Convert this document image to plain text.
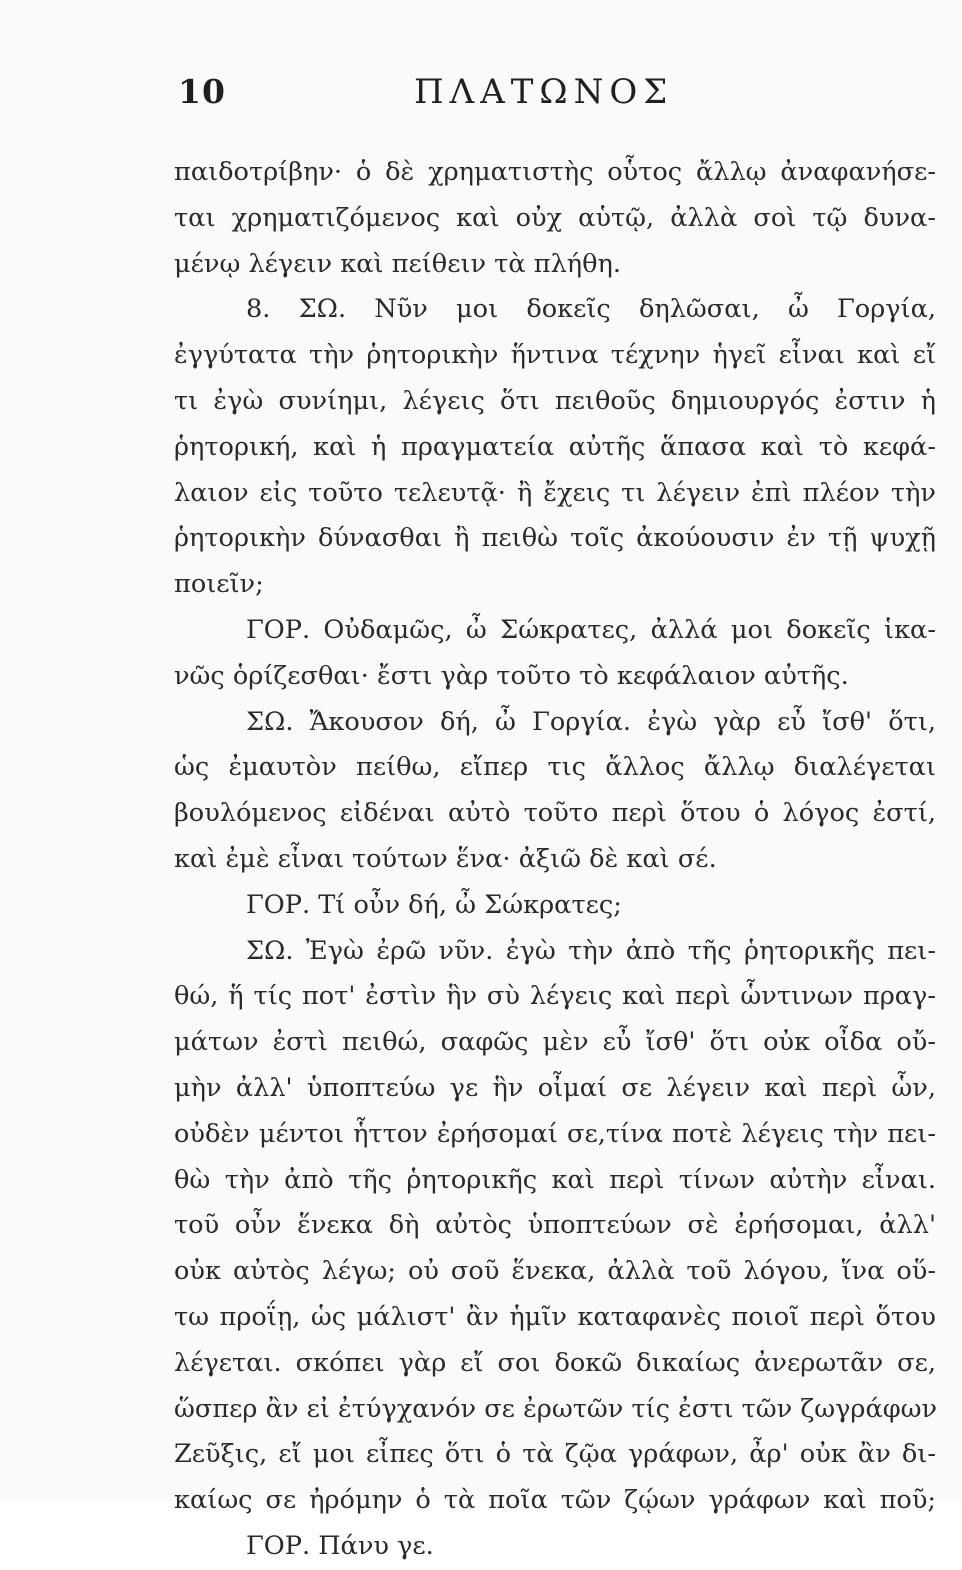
10	ΠΛΑΤΩΝΟΣ
παιδοτρίβην· ὁ δὲ χρηματιστὴς οὗτος ἄλλῳ ἀναφανήσε-
ται χρηματιζόμενος καὶ οὐχ αὑτῷ, ἀλλὰ σοὶ τῷ δυνα-
μένῳ λέγειν καὶ πείθειν τὰ πλήθη.
8. ΣΩ. Νῦν μοι δοκεῖς δηλῶσαι, ὦ Γοργία,
ἐγγύτατα τὴν ῥητορικὴν ἥντινα τέχνην ἡγεῖ εἶναι καὶ εἴ
τι ἐγὼ συνίημι, λέγεις ὅτι πειθοῦς δημιουργός ἐστιν ἡ
ῥητορική, καὶ ἡ πραγματεία αὐτῆς ἅπασα καὶ τὸ κεφά-
λαιον εἰς τοῦτο τελευτᾷ· ἢ ἔχεις τι λέγειν ἐπὶ πλέον τὴν
ῥητορικὴν δύνασθαι ἢ πειθὼ τοῖς ἀκούουσιν ἐν τῇ ψυχῇ
ποιεῖν;
ΓΟΡ. Οὐδαμῶς, ὦ Σώκρατες, ἀλλά μοι δοκεῖς ἱκα-
νῶς ὁρίζεσθαι· ἔστι γὰρ τοῦτο τὸ κεφάλαιον αὐτῆς.
ΣΩ. Ἄκουσον δή, ὦ Γοργία. ἐγὼ γὰρ εὖ ἴσθ' ὅτι,
ὡς ἐμαυτὸν πείθω, εἴπερ τις ἄλλος ἄλλῳ διαλέγεται
βουλόμενος εἰδέναι αὐτὸ τοῦτο περὶ ὅτου ὁ λόγος ἐστί,
καὶ ἐμὲ εἶναι τούτων ἕνα· ἀξιῶ δὲ καὶ σέ.
ΓΟΡ. Τί οὖν δή, ὦ Σώκρατες;
ΣΩ. Ἐγὼ ἐρῶ νῦν. ἐγὼ τὴν ἀπὸ τῆς ῥητορικῆς πει-
θώ, ἥ τίς ποτ' ἐστὶν ἣν σὺ λέγεις καὶ περὶ ὧντινων πραγ-
μάτων ἐστὶ πειθώ, σαφῶς μὲν εὖ ἴσθ' ὅτι οὐκ οἶδα οὔ-
μὴν ἀλλ' ὑποπτεύω γε ἣν οἶμαί σε λέγειν καὶ περὶ ὧν,
οὐδὲν μέντοι ἧττον ἐρήσομαί σε,τίνα ποτὲ λέγεις τὴν πει-
θὼ τὴν ἀπὸ τῆς ῥητορικῆς καὶ περὶ τίνων αὐτὴν εἶναι.
τοῦ οὖν ἕνεκα δὴ αὐτὸς ὑποπτεύων σὲ ἐρήσομαι, ἀλλ'
οὐκ αὐτὸς λέγω; οὐ σοῦ ἕνεκα, ἀλλὰ τοῦ λόγου, ἵνα οὕ-
τω προΐῃ, ὡς μάλιστ' ἂν ἡμῖν καταφανὲς ποιοῖ περὶ ὅτου
λέγεται. σκόπει γὰρ εἴ σοι δοκῶ δικαίως ἀνερωτᾶν σε,
ὥσπερ ἂν εἰ ἐτύγχανόν σε ἐρωτῶν τίς ἐστι τῶν ζωγράφων
Ζεῦξις, εἴ μοι εἶπες ὅτι ὁ τὰ ζῷα γράφων, ἆρ' οὐκ ἂν δι-
καίως σε ἠρόμην ὁ τὰ ποῖα τῶν ζῴων γράφων καὶ ποῦ;
ΓΟΡ. Πάνυ γε.
